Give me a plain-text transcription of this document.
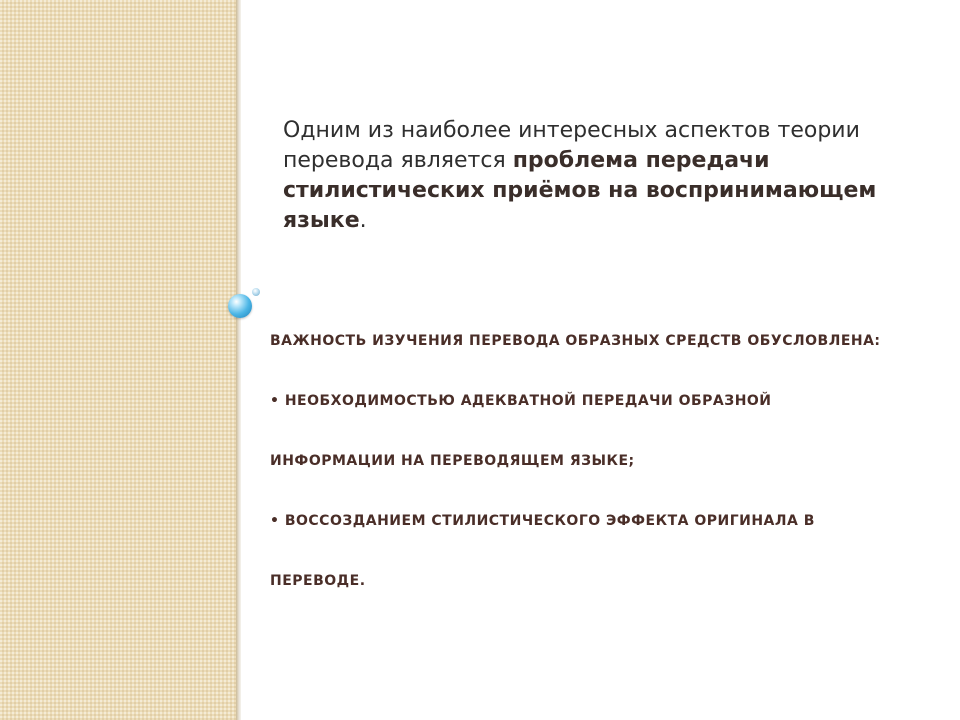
Одним из наиболее интересных аспектов теории перевода является проблема передачи стилистических приёмов на воспринимающем языке.
ВАЖНОСТЬ ИЗУЧЕНИЯ ПЕРЕВОДА ОБРАЗНЫХ СРЕДСТВ ОБУСЛОВЛЕНА:
• НЕОБХОДИМОСТЬЮ АДЕКВАТНОЙ ПЕРЕДАЧИ ОБРАЗНОЙ
ИНФОРМАЦИИ НА ПЕРЕВОДЯЩЕМ ЯЗЫКЕ;
• ВОССОЗДАНИЕМ СТИЛИСТИЧЕСКОГО ЭФФЕКТА ОРИГИНАЛА В
ПЕРЕВОДЕ.
